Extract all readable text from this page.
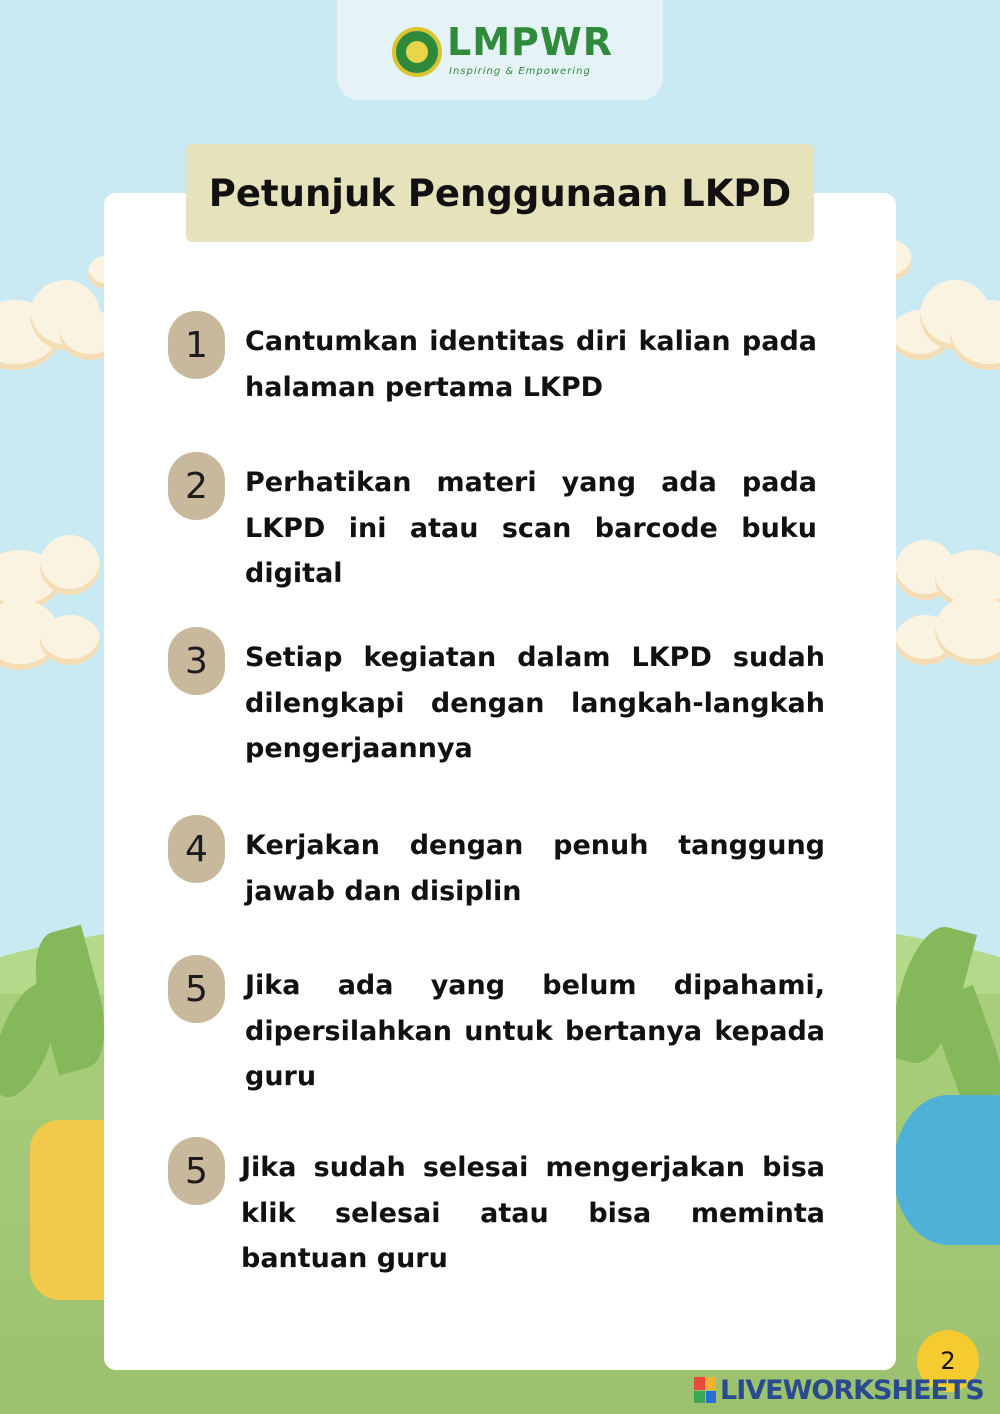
LMPWR
Inspiring & Empowering
Petunjuk Penggunaan LKPD
1	Cantumkan identitas diri kalian pada halaman pertama LKPD
2	Perhatikan materi yang ada pada LKPD ini atau scan barcode buku digital
3	Setiap kegiatan dalam LKPD sudah dilengkapi dengan langkah-langkah pengerjaannya
4	Kerjakan dengan penuh tanggung jawab dan disiplin
5	Jika ada yang belum dipahami, dipersilahkan untuk bertanya kepada guru
5	Jika sudah selesai mengerjakan bisa klik selesai atau bisa meminta bantuan guru
2
LIVEWORKSHEETS
